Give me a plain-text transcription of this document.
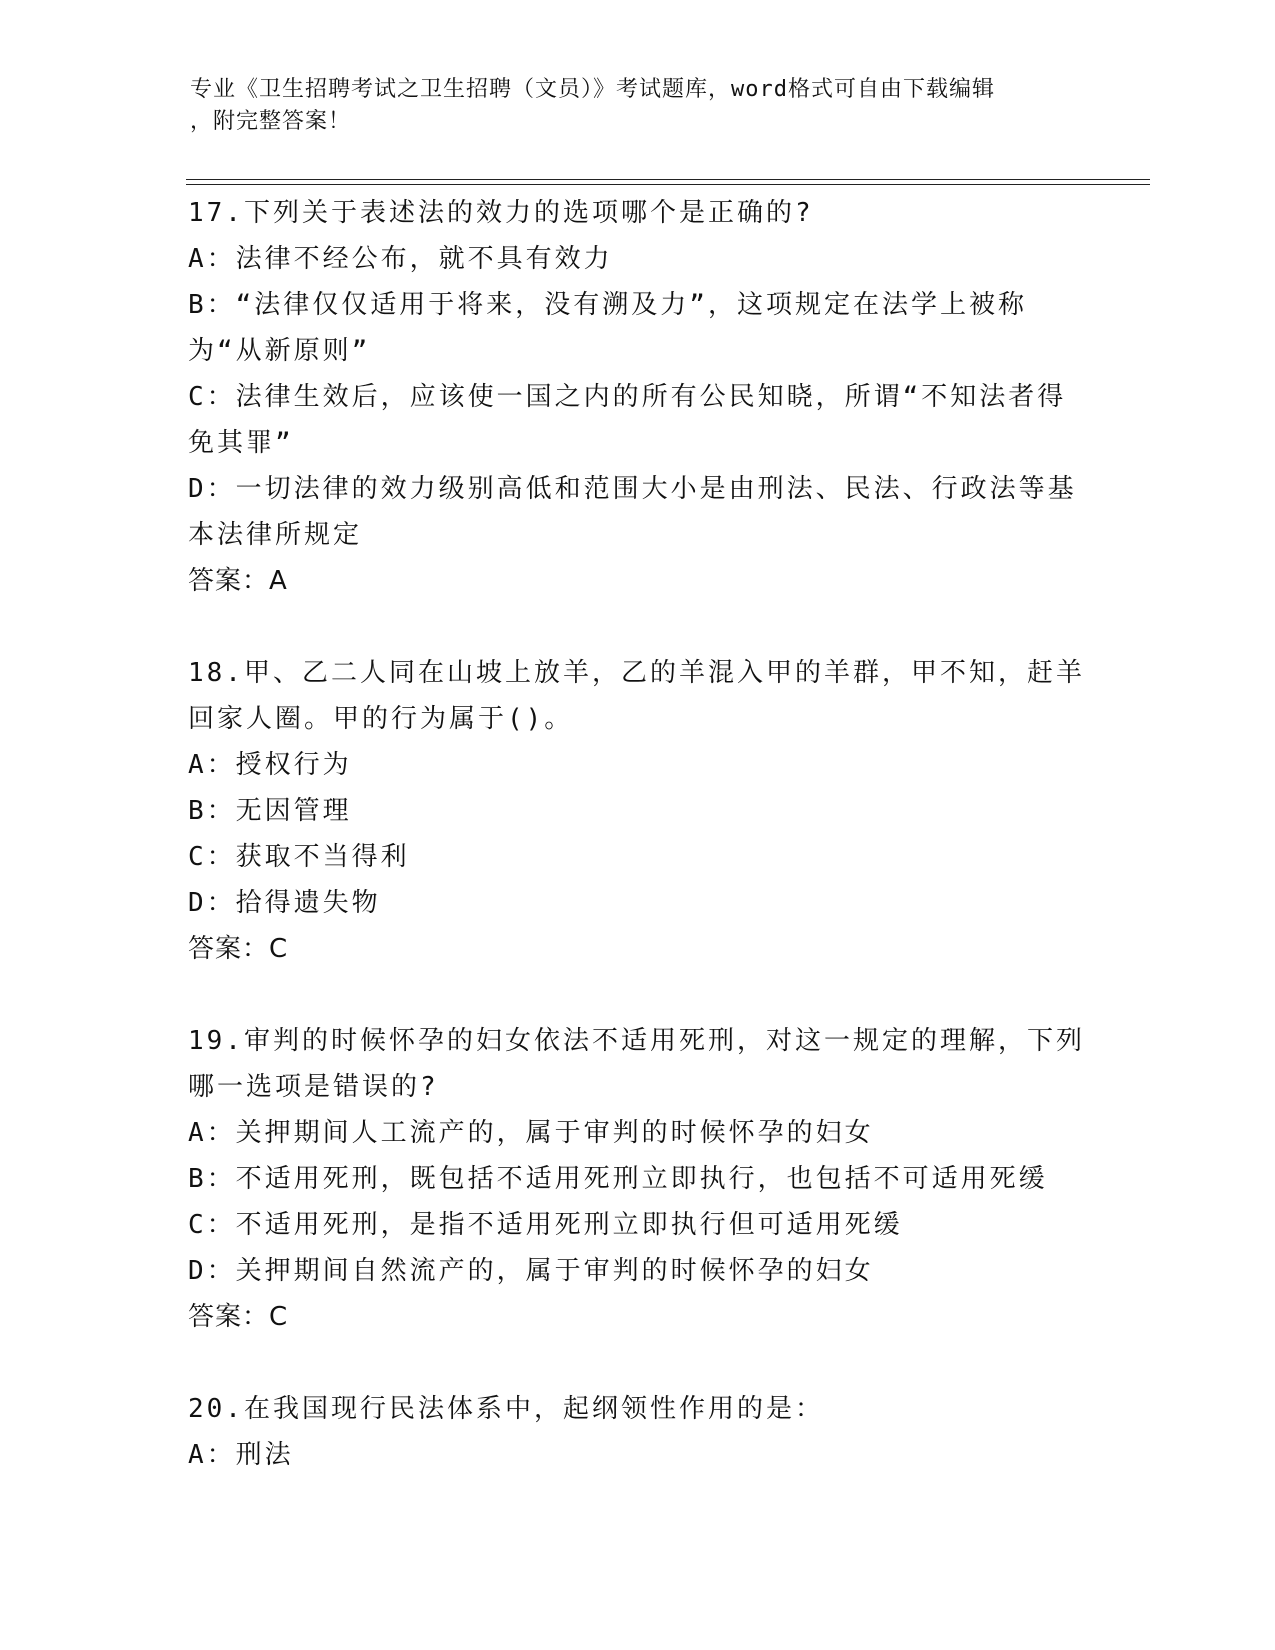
专业《卫生招聘考试之卫生招聘（文员）》考试题库，word格式可自由下载编辑
，附完整答案！

17.下列关于表述法的效力的选项哪个是正确的?

A：法律不经公布，就不具有效力

B：“法律仅仅适用于将来，没有溯及力”，这项规定在法学上被称为“从新原则”

C：法律生效后，应该使一国之内的所有公民知晓，所谓“不知法者得免其罪”

D：一切法律的效力级别高低和范围大小是由刑法、民法、行政法等基本法律所规定

答案：A

18.甲、乙二人同在山坡上放羊，乙的羊混入甲的羊群，甲不知，赶羊回家人圈。甲的行为属于()。

A：授权行为

B：无因管理

C：获取不当得利

D：拾得遗失物

答案：C

19.审判的时候怀孕的妇女依法不适用死刑，对这一规定的理解，下列哪一选项是错误的?

A：关押期间人工流产的，属于审判的时候怀孕的妇女

B：不适用死刑，既包括不适用死刑立即执行，也包括不可适用死缓

C：不适用死刑，是指不适用死刑立即执行但可适用死缓

D：关押期间自然流产的，属于审判的时候怀孕的妇女

答案：C

20.在我国现行民法体系中，起纲领性作用的是：

A：刑法
